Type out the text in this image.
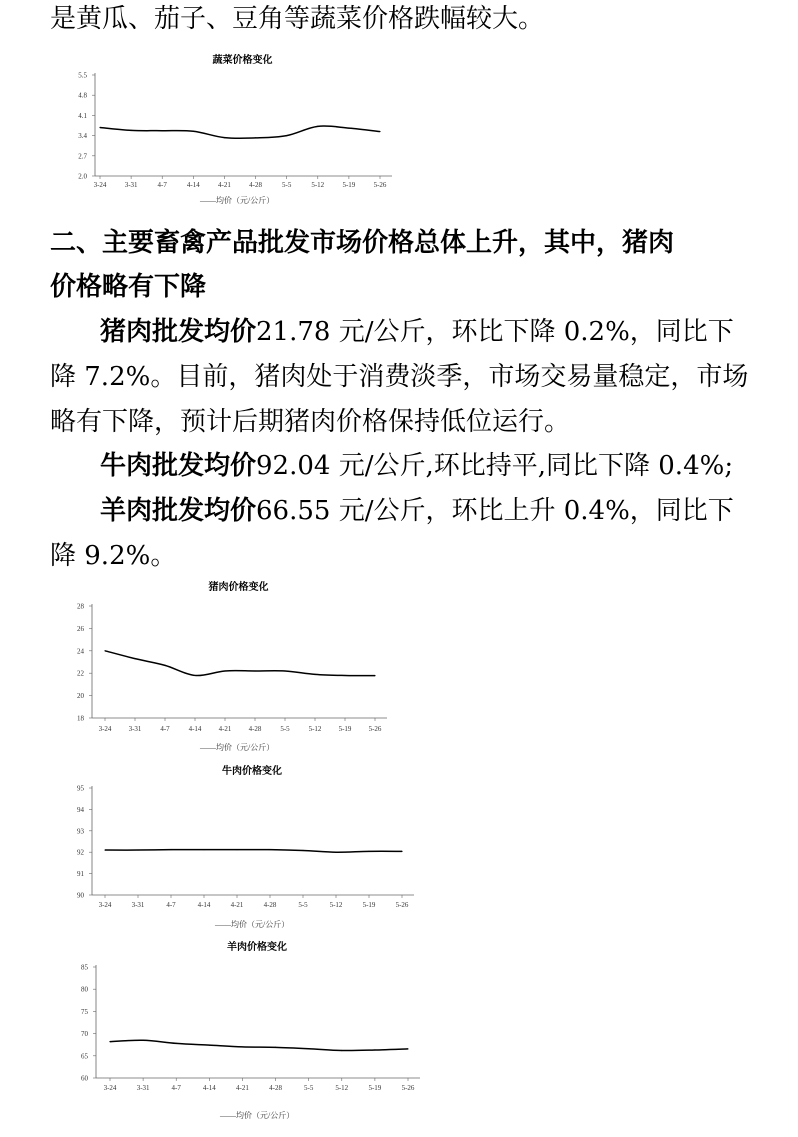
是黄瓜、茄子、豆角等蔬菜价格跌幅较大。
蔬菜价格变化
2.0
2.7
3.4
4.1
4.8
5.5
3-24	3-31	4-7	4-14	4-21	4-28	5-5	5-12	5-19	5-26
——均价（元/公斤）
二、主要畜禽产品批发市场价格总体上升，其中，猪肉
价格略有下降
猪肉批发均价21.78 元/公斤，环比下降 0.2%，同比下
降 7.2%。目前，猪肉处于消费淡季，市场交易量稳定，市场
略有下降，预计后期猪肉价格保持低位运行。
牛肉批发均价92.04 元/公斤,环比持平,同比下降 0.4%;
羊肉批发均价66.55 元/公斤，环比上升 0.4%，同比下
降 9.2%。
猪肉价格变化
18
20
22
24
26
28
3-24 3-31	4-7	4-14 4-21 4-28	5-5	5-12 5-19 5-26
——均价（元/公斤）
牛肉价格变化
90
91
92
93
94
95
3-24	3-31	4-7	4-14	4-21	4-28	5-5	5-12	5-19	5-26
——均价（元/公斤）
羊肉价格变化
60
65
70
75
80
85
3-24	3-31	4-7	4-14	4-21	4-28	5-5	5-12	5-19	5-26
——均价（元/公斤）
